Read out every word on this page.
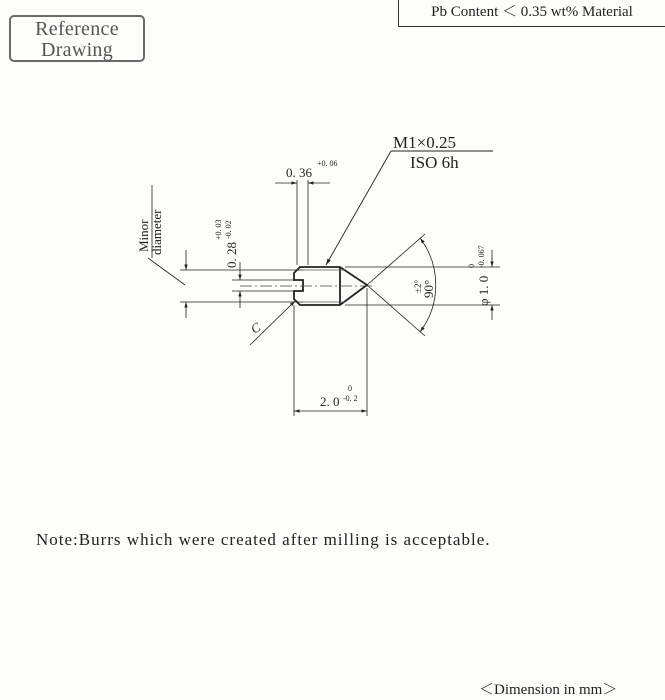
Reference
Drawing
Pb Content ＜ 0.35 wt% Material
M1×0.25
ISO 6h
0. 36
+0. 06
0. 28
+0. 03 -0. 02
Minor
diameter
C
φ 1. 0
0 -0. 067
90°
±2°
2. 0
0
-0. 2
Note:Burrs which were created after milling is acceptable.
＜Dimension in mm＞
